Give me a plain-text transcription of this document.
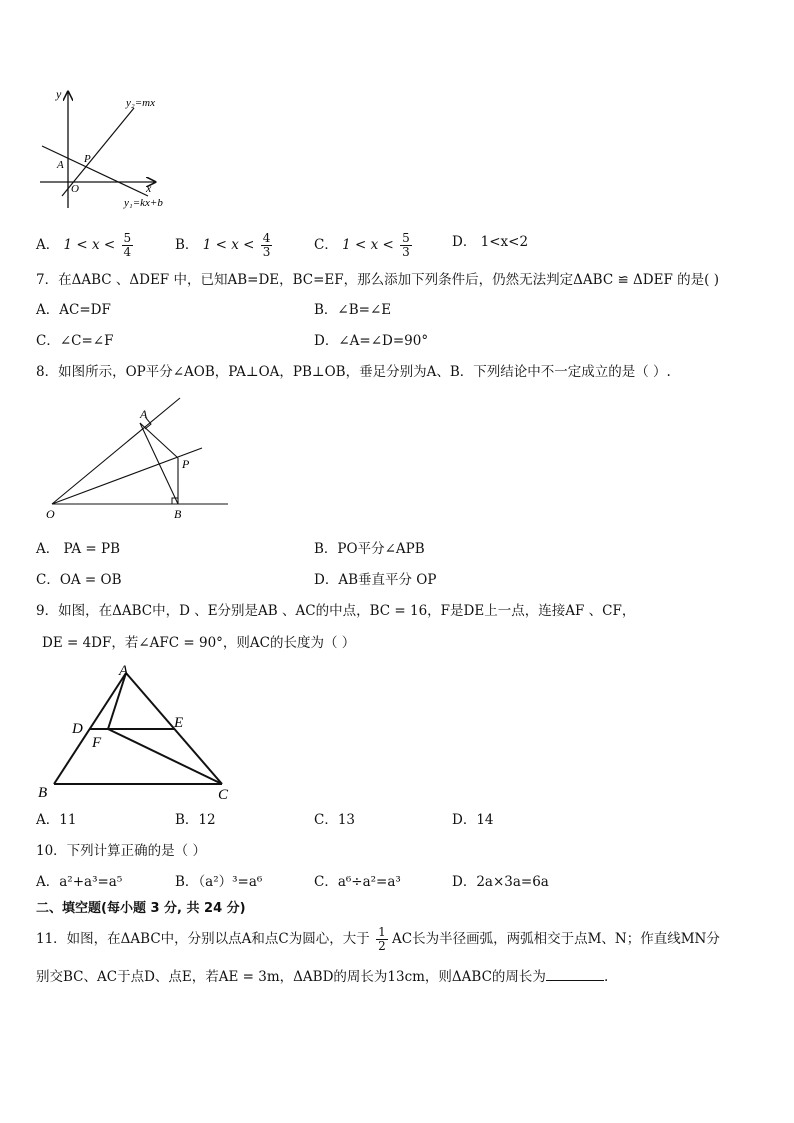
y
x
O
A P
y₂=mx
y₁=kx+b
A． $1 < x < \frac{5}{4}$	B． $1 < x < \frac{4}{3}$	C． $1 < x < \frac{5}{3}$	D． 1<x<2
7．在ΔABC 、ΔDEF 中，已知AB=DE，BC=EF，那么添加下列条件后，仍然无法判定ΔABC ≌ ΔDEF 的是( )
A．AC=DF	B．∠B=∠E
C．∠C=∠F	D．∠A=∠D=90°
8．如图所示，OP平分∠AOB，PA⊥OA，PB⊥OB，垂足分别为A、B．下列结论中不一定成立的是（ ）.
A
P
O	B
A． PA = PB	B．PO平分∠APB
C．OA = OB	D．AB垂直平分 OP
9．如图，在ΔABC中，D 、E分别是AB 、AC的中点，BC = 16，F是DE上一点，连接AF 、CF，
DE = 4DF，若∠AFC = 90°，则AC的长度为（ ）
A
D	E
F
B	C
A．11	B．12	C．13	D．14
10．下列计算正确的是（ ）
A．a²+a³=a⁵	B．（a²）³=a⁶	C．a⁶÷a²=a³	D．2a×3a=6a
二、填空题(每小题 3 分, 共 24 分)
11．如图，在ΔABC中，分别以点A和点C为圆心，大于 $\frac{1}{2}$ AC长为半径画弧，两弧相交于点M、N；作直线MN分
别交BC、AC于点D、点E，若AE = 3m，ΔABD的周长为13cm，则ΔABC的周长为	.
